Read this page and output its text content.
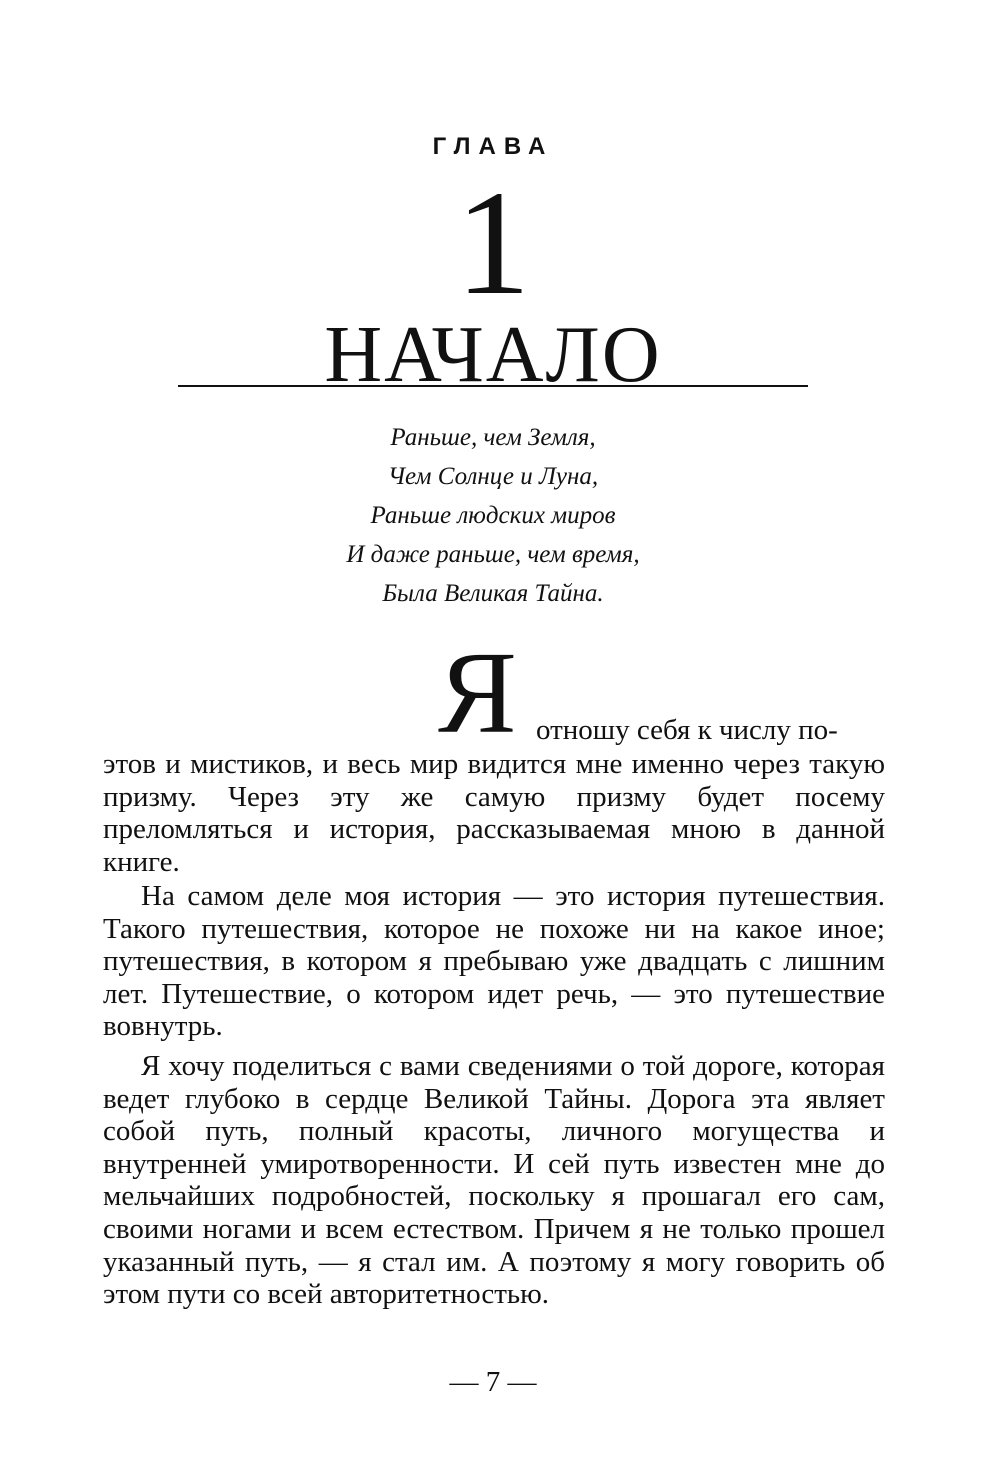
ГЛАВА
1
НАЧАЛО
Раньше, чем Земля,
Чем Солнце и Луна,
Раньше людских миров
И даже раньше, чем время,
Была Великая Тайна.
Я отношу себя к числу по-
этов и мистиков, и весь мир видится мне именно через такую призму. Через эту же самую призму будет посему преломляться и история, рассказываемая мною в данной книге.
На самом деле моя история — это история путешествия. Такого путешествия, которое не похоже ни на какое иное; путешествия, в котором я пребываю уже двадцать с лишним лет. Путешествие, о котором идет речь, — это путешествие вовнутрь.
Я хочу поделиться с вами сведениями о той дороге, которая ведет глубоко в сердце Великой Тайны. Дорога эта являет собой путь, полный красоты, личного могущества и внутренней умиротворенности. И сей путь известен мне до мельчайших подробностей, поскольку я прошагал его сам, своими ногами и всем естеством. Причем я не только прошел указанный путь, — я стал им. А поэтому я могу говорить об этом пути со всей авторитетностью.
— 7 —
